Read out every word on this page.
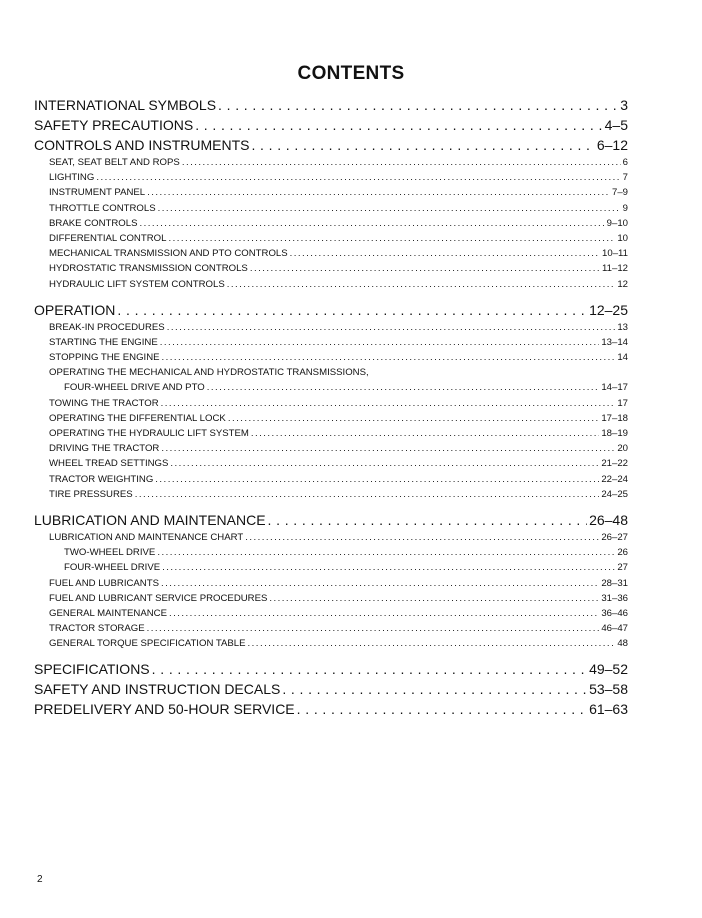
CONTENTS
INTERNATIONAL SYMBOLS . . .	3
SAFETY PRECAUTIONS . . .	4–5
CONTROLS AND INSTRUMENTS . . .	6–12
SEAT, SEAT BELT AND ROPS . . .	6
LIGHTING . . .	7
INSTRUMENT PANEL . . .	7–9
THROTTLE CONTROLS . . .	9
BRAKE CONTROLS . . .	9–10
DIFFERENTIAL CONTROL . . .	10
MECHANICAL TRANSMISSION AND PTO CONTROLS . . .	10–11
HYDROSTATIC TRANSMISSION CONTROLS . . .	11–12
HYDRAULIC LIFT SYSTEM CONTROLS . . .	12
OPERATION . . .	12–25
BREAK-IN PROCEDURES . . .	13
STARTING THE ENGINE . . .	13–14
STOPPING THE ENGINE . . .	14
OPERATING THE MECHANICAL AND HYDROSTATIC TRANSMISSIONS,
FOUR-WHEEL DRIVE AND PTO . . .	14–17
TOWING THE TRACTOR . . .	17
OPERATING THE DIFFERENTIAL LOCK . . .	17–18
OPERATING THE HYDRAULIC LIFT SYSTEM . . .	18–19
DRIVING THE TRACTOR . . .	20
WHEEL TREAD SETTINGS . . .	21–22
TRACTOR WEIGHTING . . .	22–24
TIRE PRESSURES . . .	24–25
LUBRICATION AND MAINTENANCE . . .	26–48
LUBRICATION AND MAINTENANCE CHART . . .	26–27
TWO-WHEEL DRIVE . . .	26
FOUR-WHEEL DRIVE . . .	27
FUEL AND LUBRICANTS . . .	28–31
FUEL AND LUBRICANT SERVICE PROCEDURES . . .	31–36
GENERAL MAINTENANCE . . .	36–46
TRACTOR STORAGE . . .	46–47
GENERAL TORQUE SPECIFICATION TABLE . . .	48
SPECIFICATIONS . . .	49–52
SAFETY AND INSTRUCTION DECALS . . .	53–58
PREDELIVERY AND 50-HOUR SERVICE . . .	61–63
2
